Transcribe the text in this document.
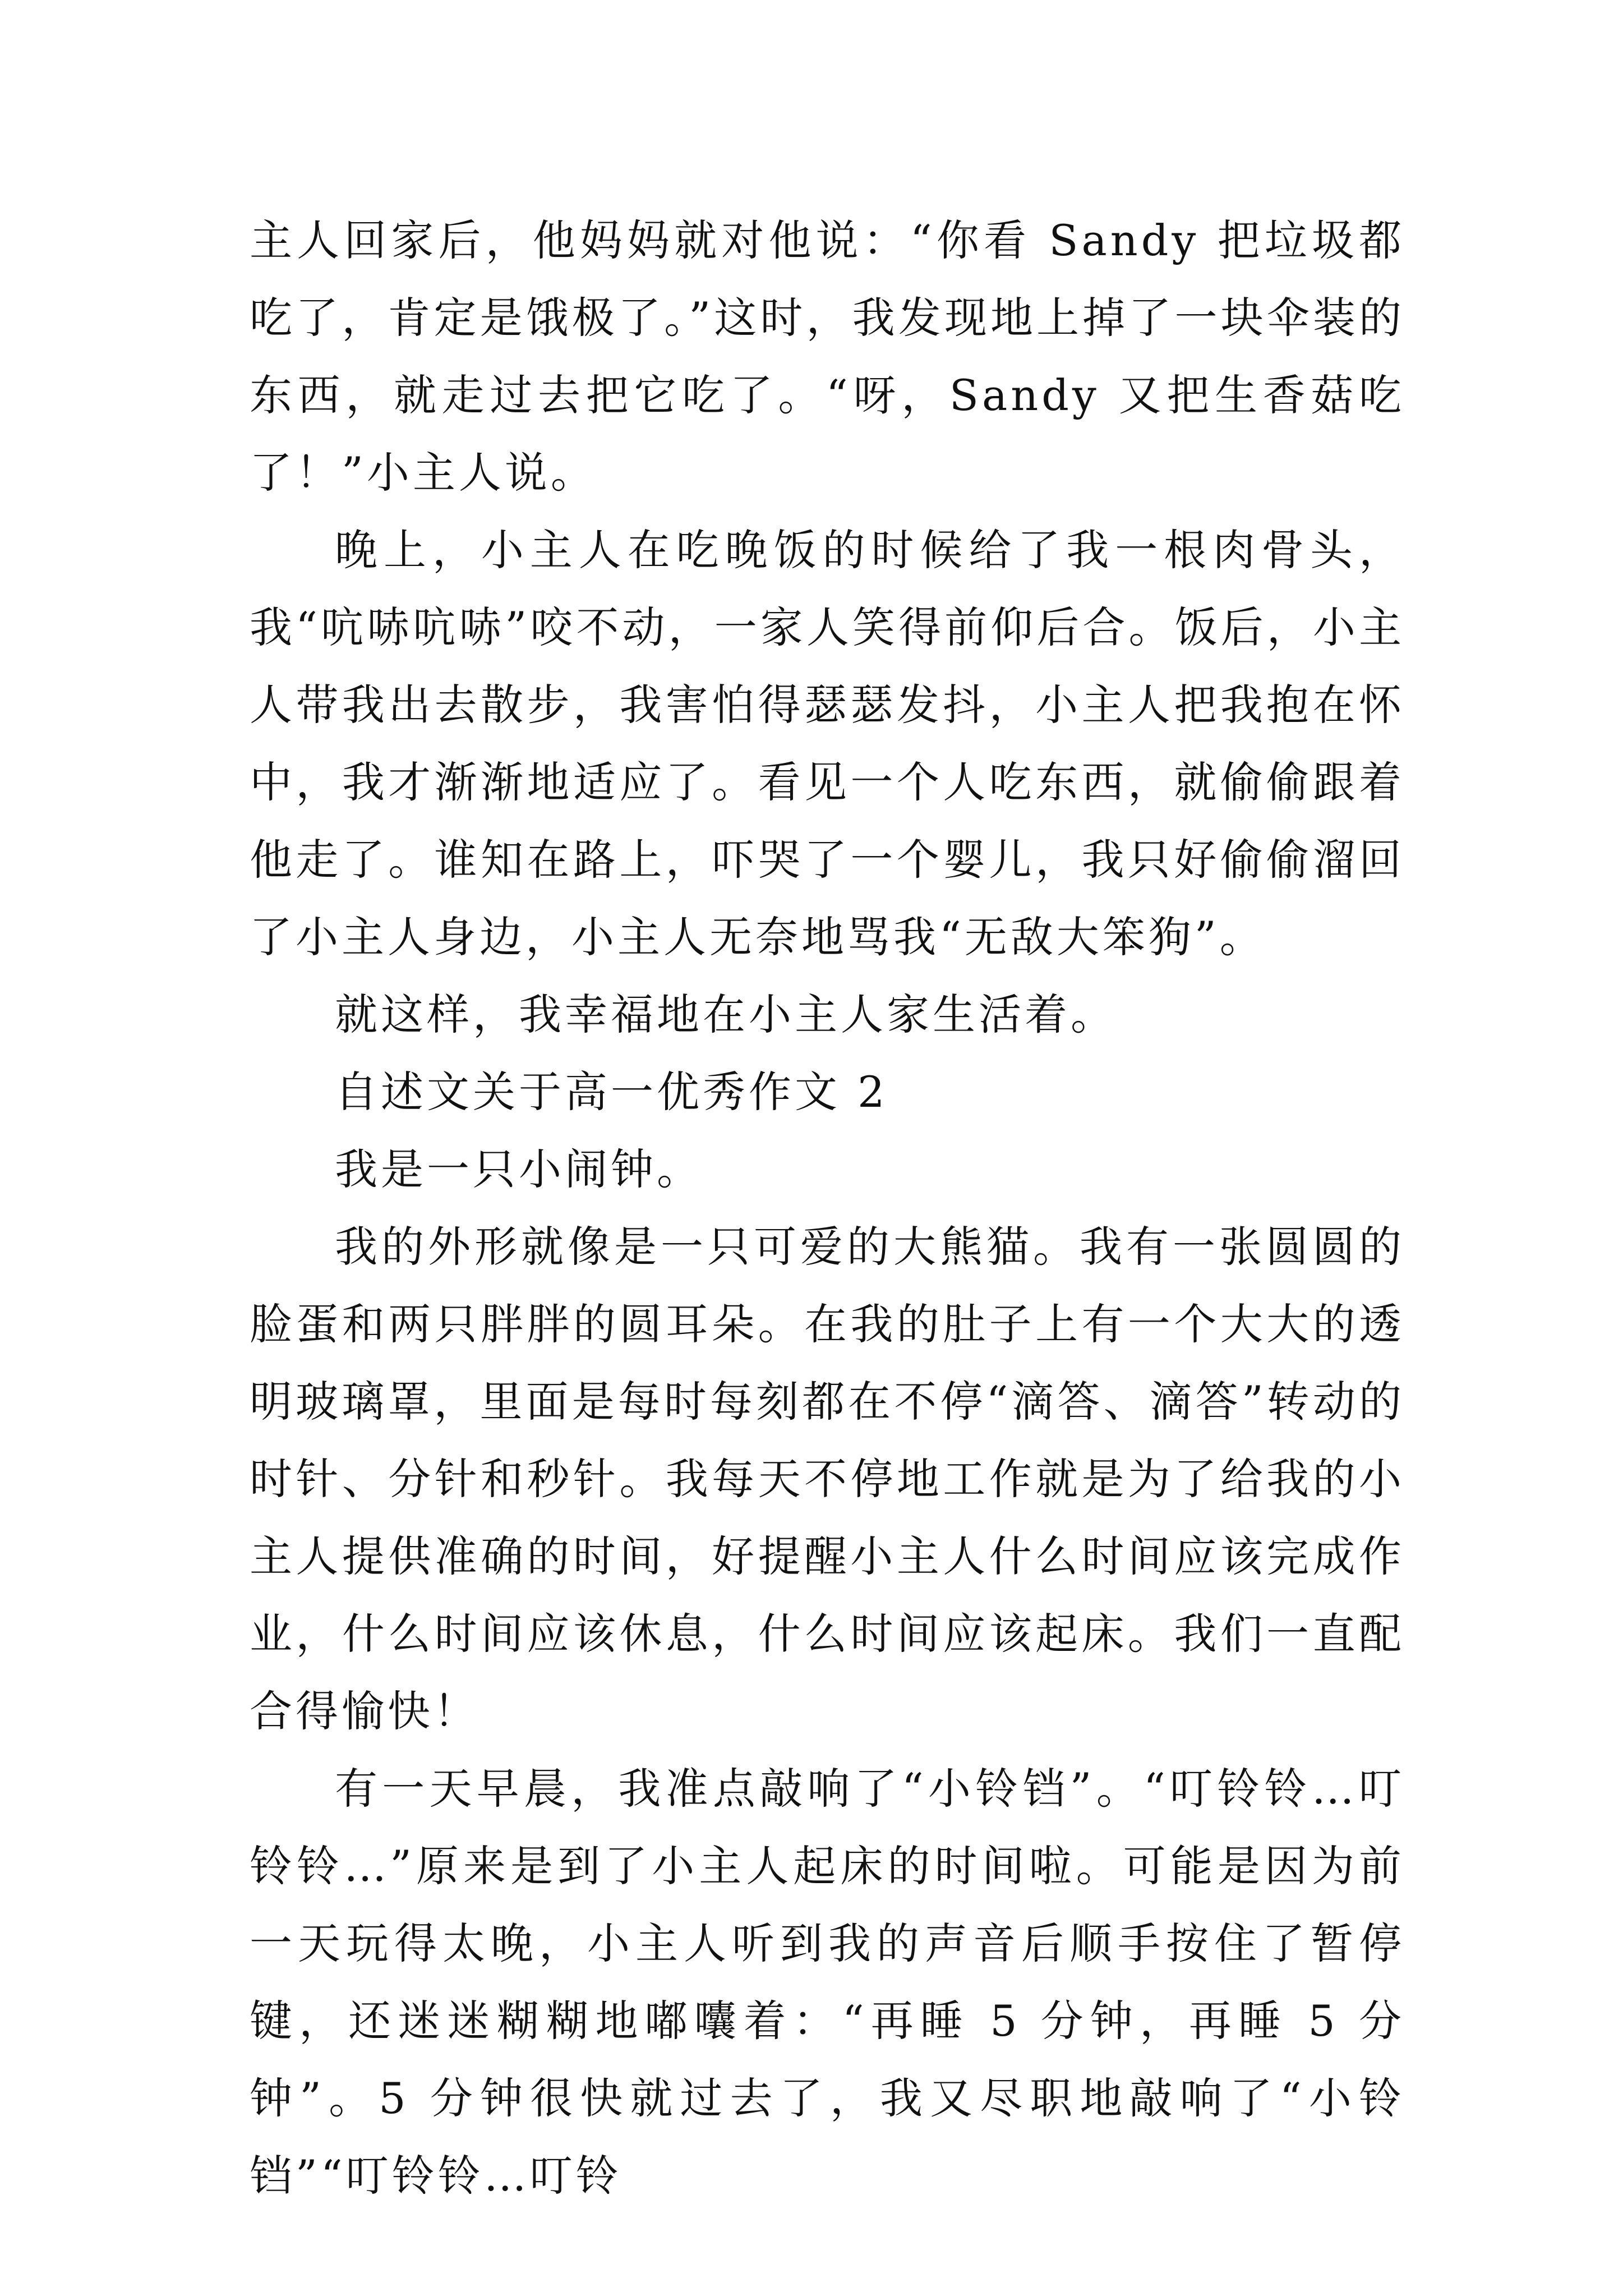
主人回家后，他妈妈就对他说：“你看 Sandy 把垃圾都吃了，肯定是饿极了。”这时，我发现地上掉了一块伞装的东西，就走过去把它吃了。“呀，Sandy 又把生香菇吃了！”小主人说。

晚上，小主人在吃晚饭的时候给了我一根肉骨头，我“吭哧吭哧”咬不动，一家人笑得前仰后合。饭后，小主人带我出去散步，我害怕得瑟瑟发抖，小主人把我抱在怀中，我才渐渐地适应了。看见一个人吃东西，就偷偷跟着他走了。谁知在路上，吓哭了一个婴儿，我只好偷偷溜回了小主人身边，小主人无奈地骂我“无敌大笨狗”。

就这样，我幸福地在小主人家生活着。

自述文关于高一优秀作文 2

我是一只小闹钟。

我的外形就像是一只可爱的大熊猫。我有一张圆圆的脸蛋和两只胖胖的圆耳朵。在我的肚子上有一个大大的透明玻璃罩，里面是每时每刻都在不停“滴答、滴答”转动的时针、分针和秒针。我每天不停地工作就是为了给我的小主人提供准确的时间，好提醒小主人什么时间应该完成作业，什么时间应该休息，什么时间应该起床。我们一直配合得愉快！

有一天早晨，我准点敲响了“小铃铛”。“叮铃铃…叮铃铃…”原来是到了小主人起床的时间啦。可能是因为前一天玩得太晚，小主人听到我的声音后顺手按住了暂停键，还迷迷糊糊地嘟囔着：“再睡 5 分钟，再睡 5 分钟”。5 分钟很快就过去了，我又尽职地敲响了“小铃铛”“叮铃铃…叮铃
